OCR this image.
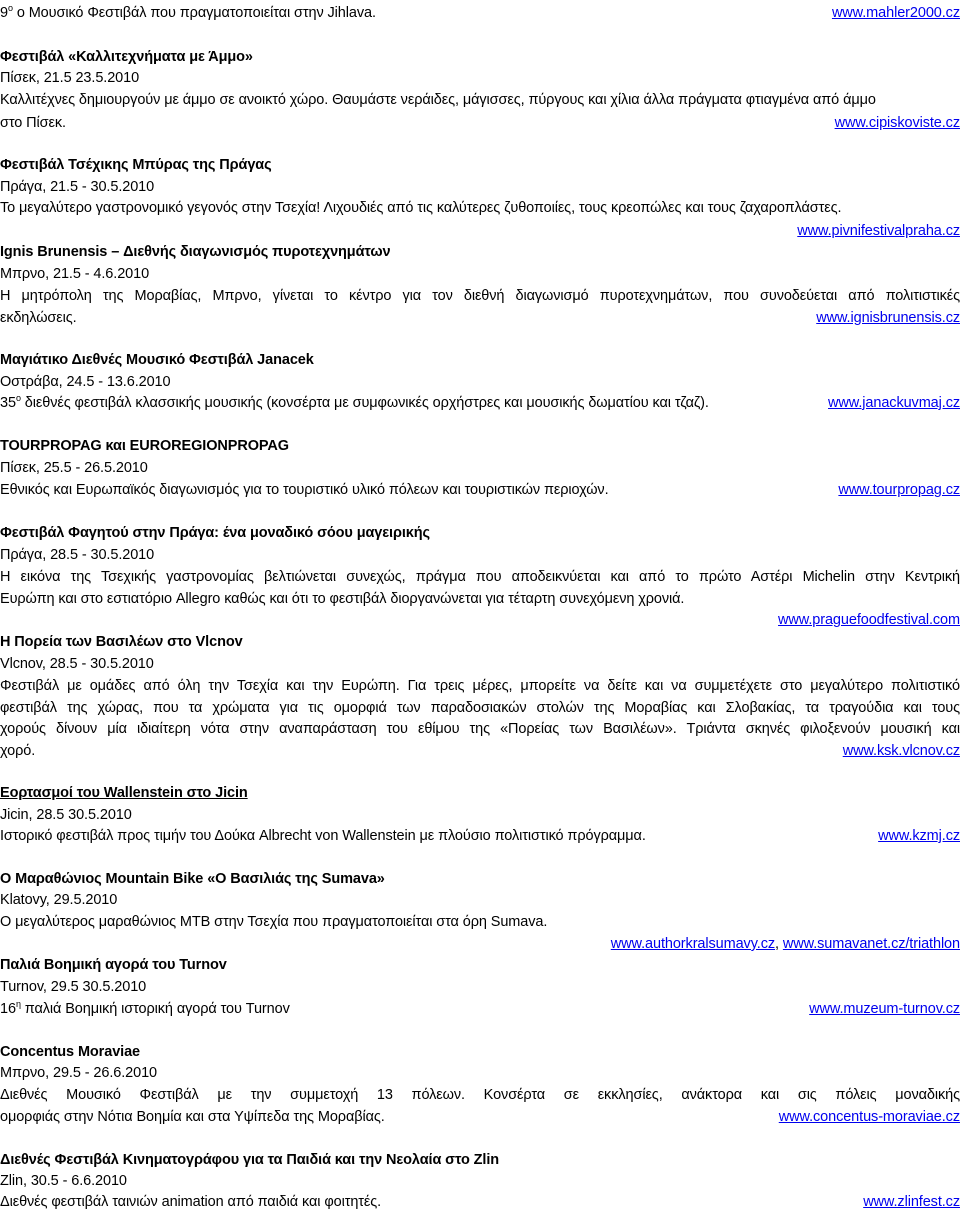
$9^o$ ο Μουσικό Φεστιβάλ που πραγματοποιείται στην Jihlava.	www.mahler2000.cz
Φεστιβάλ «Καλλιτεχνήματα με Άμμο»
Πίσεκ, 21.5 23.5.2010
Καλλιτέχνες δημιουργούν με άμμο σε ανοικτό χώρο. Θαυμάστε νεράιδες, μάγισσες, πύργους και χίλια άλλα πράγματα φτιαγμένα από άμμο
στο Πίσεκ.	www.cipiskoviste.cz
Φεστιβάλ Τσέχικης Μπύρας της Πράγας
Πράγα, 21.5 - 30.5.2010
Το μεγαλύτερο γαστρονομικό γεγονός στην Τσεχία! Λιχουδιές από τις καλύτερες ζυθοποιίες, τους κρεοπώλες και τους ζαχαροπλάστες.
www.pivnifestivalpraha.cz
Ignis Brunensis – Διεθνής διαγωνισμός πυροτεχνημάτων
Μπρνο, 21.5 - 4.6.2010
Η μητρόπολη της Μοραβίας, Μπρνο, γίνεται το κέντρο για τον διεθνή διαγωνισμό πυροτεχνημάτων, που συνοδεύεται από πολιτιστικές
εκδηλώσεις.	www.ignisbrunensis.cz
Μαγιάτικο Διεθνές Μουσικό Φεστιβάλ Janacek
Οστράβα, 24.5 - 13.6.2010
$35^o$ διεθνές φεστιβάλ κλασσικής μουσικής (κονσέρτα με συμφωνικές ορχήστρες και μουσικής δωματίου και τζαζ).	www.janackuvmaj.cz
TOURPROPAG και EUROREGIONPROPAG
Πίσεκ, 25.5 - 26.5.2010
Εθνικός και Ευρωπαϊκός διαγωνισμός για το τουριστικό υλικό πόλεων και τουριστικών περιοχών.	www.tourpropag.cz
Φεστιβάλ Φαγητού στην Πράγα: ένα μοναδικό σόου μαγειρικής
Πράγα, 28.5 - 30.5.2010
Η εικόνα της Τσεχικής γαστρονομίας βελτιώνεται συνεχώς, πράγμα που αποδεικνύεται και από το πρώτο Αστέρι Michelin στην Κεντρική
Ευρώπη και στο εστιατόριο Allegro καθώς και ότι το φεστιβάλ διοργανώνεται για τέταρτη συνεχόμενη χρονιά.
www.praguefoodfestival.com
Η Πορεία των Βασιλέων στο Vlcnov
Vlcnov, 28.5 - 30.5.2010
Φεστιβάλ με ομάδες από όλη την Τσεχία και την Ευρώπη. Για τρεις μέρες, μπορείτε να δείτε και να συμμετέχετε στο μεγαλύτερο πολιτιστικό
φεστιβάλ της χώρας, που τα χρώματα για τις ομορφιά των παραδοσιακών στολών της Μοραβίας και Σλοβακίας, τα τραγούδια και τους
χορούς δίνουν μία ιδιαίτερη νότα στην αναπαράσταση του εθίμου της «Πορείας των Βασιλέων». Τριάντα σκηνές φιλοξενούν μουσική και
χορό.	www.ksk.vlcnov.cz
Εορτασμοί του Wallenstein στο Jicin
Jicin, 28.5 30.5.2010
Ιστορικό φεστιβάλ προς τιμήν του Δούκα Albrecht von Wallenstein με πλούσιο πολιτιστικό πρόγραμμα.	www.kzmj.cz
Ο Μαραθώνιος Mountain Bike «Ο Βασιλιάς της Sumava»
Klatovy, 29.5.2010
Ο μεγαλύτερος μαραθώνιος MTB στην Τσεχία που πραγματοποιείται στα όρη Sumava.
www.authorkralsumavy.cz, www.sumavanet.cz/triathlon
Παλιά Βοημική αγορά του Turnov
Turnov, 29.5 30.5.2010
$16^\eta$ παλιά Βοημική ιστορική αγορά του Turnov	www.muzeum-turnov.cz
Concentus Moraviae
Μπρνο, 29.5 - 26.6.2010
Διεθνές Μουσικό Φεστιβάλ με την συμμετοχή 13 πόλεων. Κονσέρτα σε εκκλησίες, ανάκτορα και σις πόλεις μοναδικής
ομορφιάς στην Νότια Βοημία και στα Υψίπεδα της Μοραβίας.	www.concentus-moraviae.cz
Διεθνές Φεστιβάλ Κινηματογράφου για τα Παιδιά και την Νεολαία στο Zlin
Zlin, 30.5 - 6.6.2010
Διεθνές φεστιβάλ ταινιών animation από παιδιά και φοιτητές.	www.zlinfest.cz
